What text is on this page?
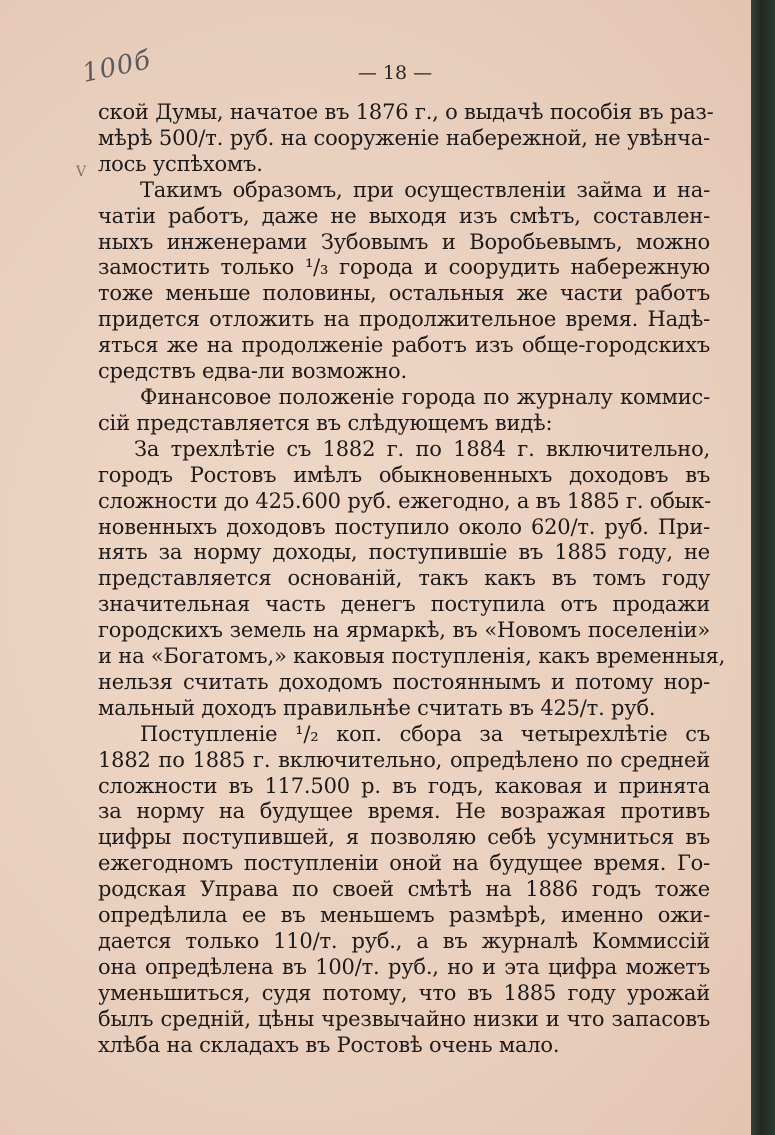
100б
V
— 18 —
ской Думы, начатое въ 1876 г., о выдачѣ пособія въ раз-
мѣрѣ 500/т. руб. на сооруженіе набережной, не увѣнча-
лось успѣхомъ.
Такимъ образомъ, при осуществленіи займа и на-
чатіи работъ, даже не выходя изъ смѣтъ, составлен-
ныхъ инженерами Зубовымъ и Воробьевымъ, можно
замостить только ¹/₃ города и соорудить набережную
тоже меньше половины, остальныя же части работъ
придется отложить на продолжительное время. Надѣ-
яться же на продолженіе работъ изъ обще-городскихъ
средствъ едва-ли возможно.
Финансовое положеніе города по журналу коммис-
сій представляется въ слѣдующемъ видѣ:
За трехлѣтіе съ 1882 г. по 1884 г. включительно,
городъ Ростовъ имѣлъ обыкновенныхъ доходовъ въ
сложности до 425.600 руб. ежегодно, а въ 1885 г. обык-
новенныхъ доходовъ поступило около 620/т. руб. При-
нять за норму доходы, поступившіе въ 1885 году, не
представляется основаній, такъ какъ въ томъ году
значительная часть денегъ поступила отъ продажи
городскихъ земель на ярмаркѣ, въ «Новомъ поселеніи»
и на «Богатомъ,» каковыя поступленія, какъ временныя,
нельзя считать доходомъ постояннымъ и потому нор-
мальный доходъ правильнѣе считать въ 425/т. руб.
Поступленіе ¹/₂ коп. сбора за четырехлѣтіе съ
1882 по 1885 г. включительно, опредѣлено по средней
сложности въ 117.500 р. въ годъ, каковая и принята
за норму на будущее время. Не возражая противъ
цифры поступившей, я позволяю себѣ усумниться въ
ежегодномъ поступленіи оной на будущее время. Го-
родская Управа по своей смѣтѣ на 1886 годъ тоже
опредѣлила ее въ меньшемъ размѣрѣ, именно ожи-
дается только 110/т. руб., а въ журналѣ Коммиссій
она опредѣлена въ 100/т. руб., но и эта цифра можетъ
уменьшиться, судя потому, что въ 1885 году урожай
былъ средній, цѣны чрезвычайно низки и что запасовъ
хлѣба на складахъ въ Ростовѣ очень мало.
